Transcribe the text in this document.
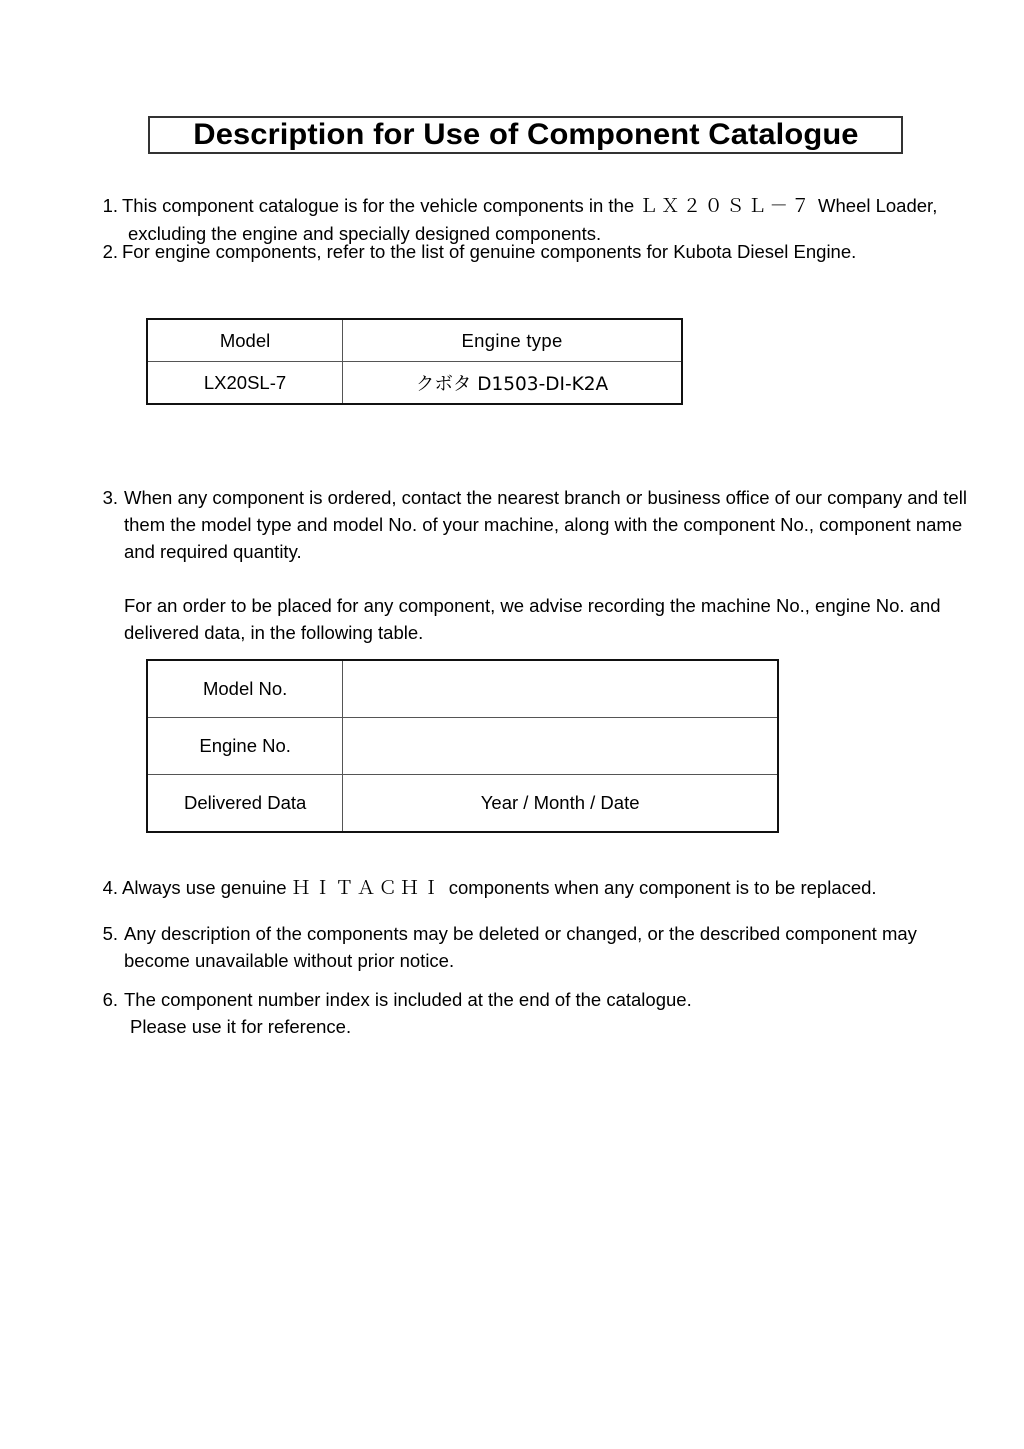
Description for Use of Component Catalogue
1. This component catalogue is for the vehicle components in the ＬＸ２０ＳＬ－７ Wheel Loader,
excluding the engine and specially designed components.
2. For engine components, refer to the list of genuine components for Kubota Diesel Engine.
3. When any component is ordered, contact the nearest branch or business office of our company and tell them the model type and model No. of your machine, along with the component No., component name and required quantity.
For an order to be placed for any component, we advise recording the machine No., engine No. and delivered data, in the following table.
4. Always use genuine ＨＩＴＡＣＨＩ components when any component is to be replaced.
5. Any description of the components may be deleted or changed, or the described component may become unavailable without prior notice.
6. The component number index is included at the end of the catalogue.
Please use it for reference.
Model	Engine type
LX20SL-7	クボタ D1503-DI-K2A
Model No.	
Engine No.	
Delivered Data	Year / Month / Date
